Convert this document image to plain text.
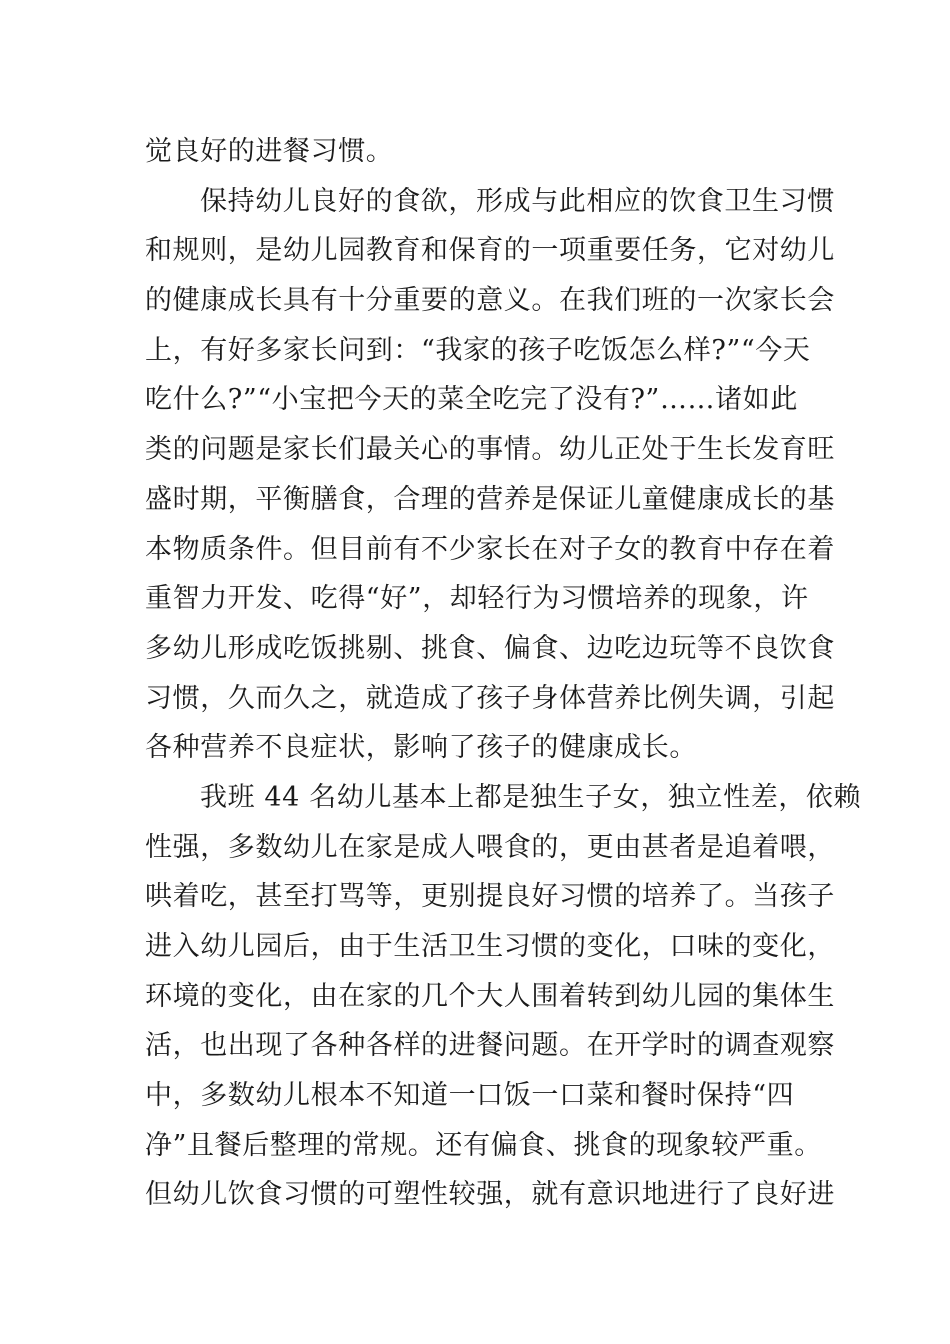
觉良好的进餐习惯。
保持幼儿良好的食欲，形成与此相应的饮食卫生习惯
和规则，是幼儿园教育和保育的一项重要任务，它对幼儿
的健康成长具有十分重要的意义。在我们班的一次家长会
上，有好多家长问到：“我家的孩子吃饭怎么样?”“今天
吃什么?”“小宝把今天的菜全吃完了没有?”……诸如此
类的问题是家长们最关心的事情。幼儿正处于生长发育旺
盛时期，平衡膳食，合理的营养是保证儿童健康成长的基
本物质条件。但目前有不少家长在对子女的教育中存在着
重智力开发、吃得“好”，却轻行为习惯培养的现象，许
多幼儿形成吃饭挑剔、挑食、偏食、边吃边玩等不良饮食
习惯，久而久之，就造成了孩子身体营养比例失调，引起
各种营养不良症状，影响了孩子的健康成长。
我班 44 名幼儿基本上都是独生子女，独立性差，依赖
性强，多数幼儿在家是成人喂食的，更由甚者是追着喂，
哄着吃，甚至打骂等，更别提良好习惯的培养了。当孩子
进入幼儿园后，由于生活卫生习惯的变化，口味的变化，
环境的变化，由在家的几个大人围着转到幼儿园的集体生
活，也出现了各种各样的进餐问题。在开学时的调查观察
中，多数幼儿根本不知道一口饭一口菜和餐时保持“四
净”且餐后整理的常规。还有偏食、挑食的现象较严重。
但幼儿饮食习惯的可塑性较强，就有意识地进行了良好进
